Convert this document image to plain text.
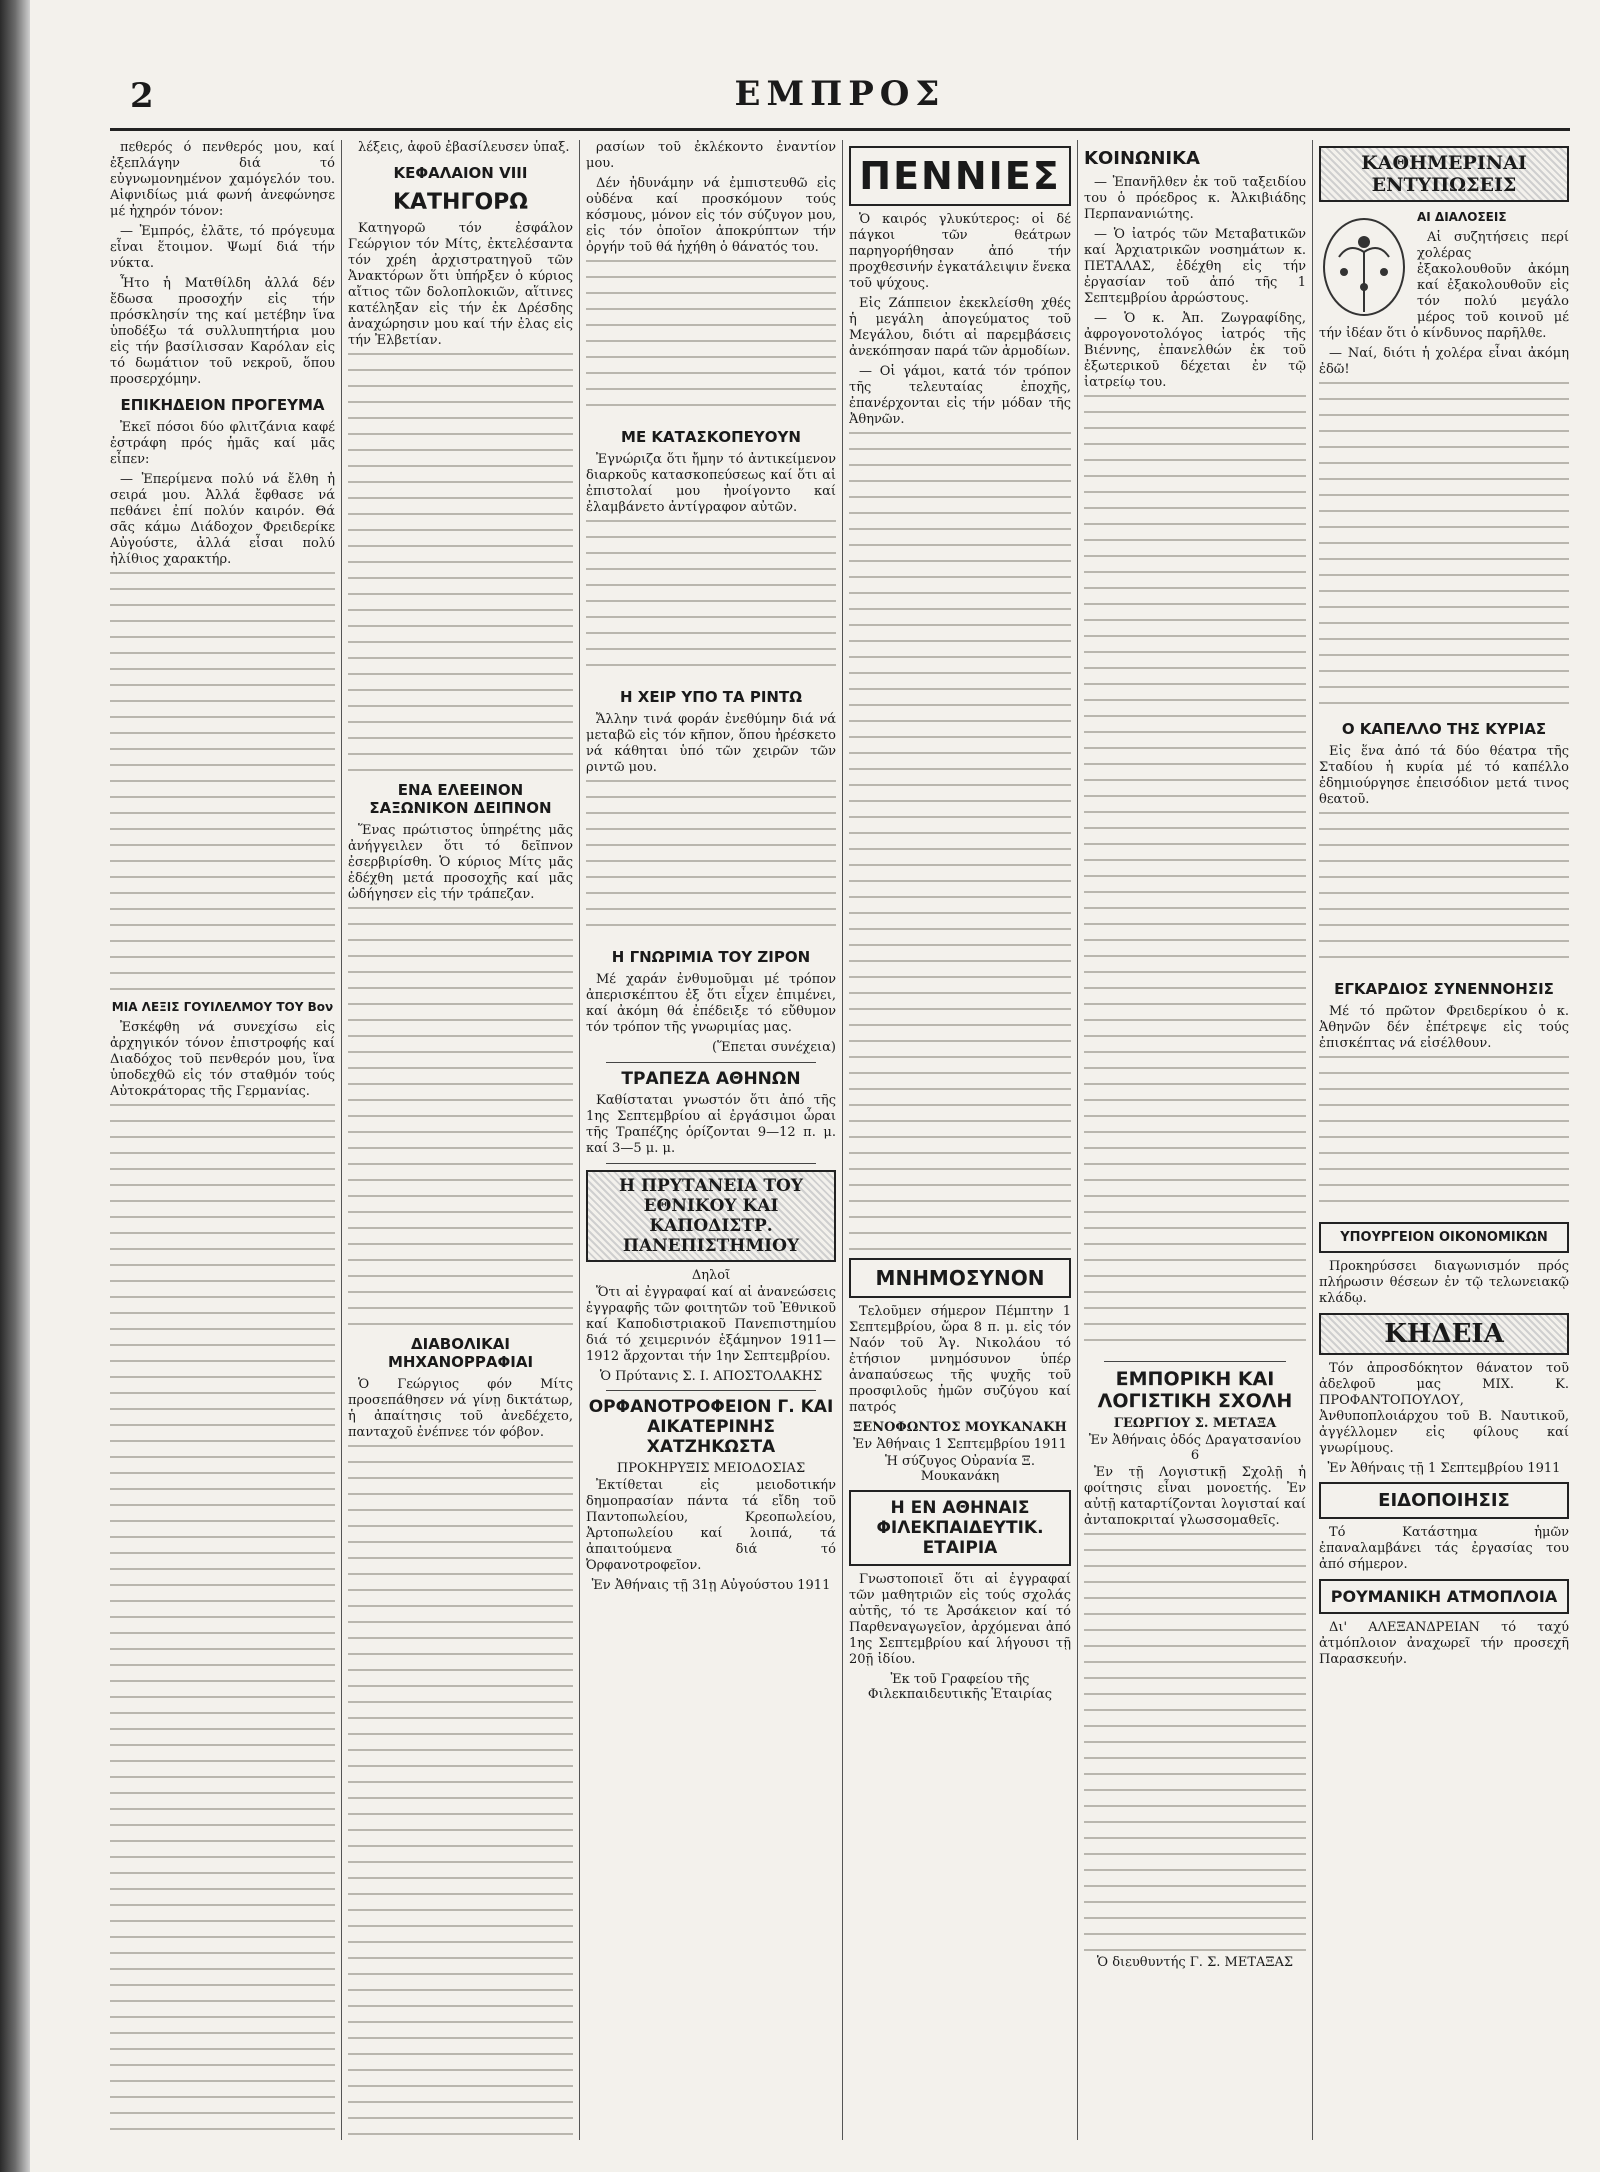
2	ΕΜΠΡΟΣ

πεθερός ό πενθερός μου, καί ἐξεπλάγην διά τό εὐγνωμονημένον χαμόγελόν του. Αἰφνιδίως μιά φωνή ἀνεφώνησε μέ ἠχηρόν τόνον:

— Ἐμπρός, ἐλᾶτε, τό πρόγευμα εἶναι ἕτοιμον. Ψωμί διά τήν νύκτα.

Ἦτο ἡ Ματθίλδη ἀλλά δέν ἔδωσα προσοχήν εἰς τήν πρόσκλησίν της καί μετέβην ἵνα ὑποδέξω τά συλλυπητήρια μου εἰς τήν βασίλισσαν Καρόλαν εἰς τό δωμάτιον τοῦ νεκροῦ, ὅπου προσερχόμην.

ΕΠΙΚΗΔΕΙΟΝ ΠΡΟΓΕΥΜΑ

Ἐκεῖ πόσοι δύο φλιτζάνια καφέ ἐστράφη πρός ἡμᾶς καί μᾶς εἶπεν:

— Ἐπερίμενα πολύ νά ἔλθη ἡ σειρά μου. Ἀλλά ἔφθασε νά πεθάνει ἐπί πολύν καιρόν. Θά σᾶς κάμω Διάδοχον Φρειδερίκε Αὐγούστε, ἀλλά εἶσαι πολύ ἠλίθιος χαρακτήρ.

ΜΙΑ ΛΕΞΙΣ ΓΟΥΙΛΕΛΜΟΥ ΤΟΥ Βον

Ἐσκέφθη νά συνεχίσω εἰς ἀρχηγικόν τόνον ἐπιστροφής καί Διαδόχος τοῦ πενθερόν μου, ἵνα ὑποδεχθῶ εἰς τόν σταθμόν τούς Αὐτοκράτορας τῆς Γερμανίας.

λέξεις, ἀφοῦ ἐβασίλευσεν ὑπαξ.

ΚΕΦΑΛΑΙΟΝ VIII
ΚΑΤΗΓΟΡΩ

Κατηγορῶ τόν ἐσφάλον Γεώργιον τόν Μίτς, ἐκτελέσαντα τόν χρέη ἀρχιστρατηγοῦ τῶν Ἀνακτόρων ὅτι ὑπήρξεν ὁ κύριος αἴτιος τῶν δολοπλοκιῶν, αἵτινες κατέληξαν εἰς τήν ἐκ Δρέσδης ἀναχώρησιν μου καί τήν ἐλας εἰς τήν Ἐλβετίαν.

ΕΝΑ ΕΛΕΕΙΝΟΝ ΣΑΞΩΝΙΚΟΝ ΔΕΙΠΝΟΝ

Ἕνας πρώτιστος ὑπηρέτης μᾶς ἀνήγγειλεν ὅτι τό δεῖπνον ἐσερβιρίσθη. Ὁ κύριος Μίτς μᾶς ἐδέχθη μετά προσοχῆς καί μᾶς ὡδήγησεν εἰς τήν τράπεζαν.

ΔΙΑΒΟΛΙΚΑΙ ΜΗΧΑΝΟΡΡΑΦΙΑΙ

Ὁ Γεώργιος φόν Μίτς προσεπάθησεν νά γίνῃ δικτάτωρ, ἡ ἀπαίτησις τοῦ ἀνεδέχετο, πανταχοῦ ἐνέπνεε τόν φόβον.

ρασίων τοῦ ἐκλέκοντο ἐναντίον μου.

Δέν ἠδυνάμην νά ἐμπιστευθῶ εἰς οὐδένα καί προσκόμουν τούς κόσμους, μόνον εἰς τόν σύζυγον μου, εἰς τόν ὁποῖον ἀποκρύπτων τήν ὀργήν τοῦ θά ἠχήθη ὁ θάνατός του.

ΜΕ ΚΑΤΑΣΚΟΠΕΥΟΥΝ

Ἐγνώριζα ὅτι ἤμην τό ἀντικείμενον διαρκοῦς κατασκοπεύσεως καί ὅτι αἱ ἐπιστολαί μου ἠνοίγοντο καί ἐλαμβάνετο ἀντίγραφον αὐτῶν.

Η ΧΕΙΡ ΥΠΟ ΤΑ ΡΙΝΤΩ

Ἄλλην τινά φοράν ἐνεθύμην διά νά μεταβῶ εἰς τόν κῆπον, ὅπου ἠρέσκετο νά κάθηται ὑπό τῶν χειρῶν τῶν ριντῶ μου.

Η ΓΝΩΡΙΜΙΑ ΤΟΥ ΖΙΡΟΝ

Μέ χαράν ἐνθυμοῦμαι μέ τρόπον ἀπερισκέπτου ἐξ ὅτι εἶχεν ἐπιμένει, καί ἀκόμη θά ἐπέδειξε τό εὔθυμον τόν τρόπον τῆς γνωριμίας μας.

(Ἕπεται συνέχεια)

ΤΡΑΠΕΖΑ ΑΘΗΝΩΝ

Καθίσταται γνωστόν ὅτι ἀπό τῆς 1ης Σεπτεμβρίου αἱ ἐργάσιμοι ὧραι τῆς Τραπέζης ὁρίζονται 9—12 π. μ. καί 3—5 μ. μ.

Η ΠΡΥΤΑΝΕΙΑ ΤΟΥ ΕΘΝΙΚΟΥ ΚΑΙ ΚΑΠΟΔΙΣΤΡ. ΠΑΝΕΠΙΣΤΗΜΙΟΥ
Δηλοῖ

Ὅτι αἱ ἐγγραφαί καί αἱ ἀνανεώσεις ἐγγραφῆς τῶν φοιτητῶν τοῦ Ἐθνικοῦ καί Καποδιστριακοῦ Πανεπιστημίου διά τό χειμερινόν ἑξάμηνον 1911—1912 ἄρχονται τήν 1ην Σεπτεμβρίου.

Ὁ Πρύτανις Σ. Ι. ΑΠΟΣΤΟΛΑΚΗΣ
ΟΡΦΑΝΟΤΡΟΦΕΙΟΝ Γ. ΚΑΙ ΑΙΚΑΤΕΡΙΝΗΣ ΧΑΤΖΗΚΩΣΤΑ
ΠΡΟΚΗΡΥΞΙΣ ΜΕΙΟΔΟΣΙΑΣ

Ἐκτίθεται εἰς μειοδοτικήν δημοπρασίαν πάντα τά εἴδη τοῦ Παντοπωλείου, Κρεοπωλείου, Ἀρτοπωλείου καί λοιπά, τά ἀπαιτούμενα διά τό Ὀρφανοτροφεῖον.

Ἐν Ἀθήναις τῇ 31ῃ Αὐγούστου 1911
ΠΕΝΝΙΕΣ

Ὁ καιρός γλυκύτερος: οἱ δέ πάγκοι τῶν θεάτρων παρηγορήθησαν ἀπό τήν προχθεσινήν ἐγκατάλειψιν ἕνεκα τοῦ ψύχους.

Εἰς Ζάππειον ἐκεκλείσθη χθές ἡ μεγάλη ἀπογεύματος τοῦ Μεγάλου, διότι αἱ παρεμβάσεις ἀνεκόπησαν παρά τῶν ἀρμοδίων.

— Οἱ γάμοι, κατά τόν τρόπον τῆς τελευταίας ἐποχῆς, ἐπανέρχονται εἰς τήν μόδαν τῆς Ἀθηνῶν.

ΜΝΗΜΟΣΥΝΟΝ

Τελοῦμεν σήμερον Πέμπτην 1 Σεπτεμβρίου, ὥρα 8 π. μ. εἰς τόν Ναόν τοῦ Ἁγ. Νικολάου τό ἐτήσιον μνημόσυνον ὑπέρ ἀναπαύσεως τῆς ψυχῆς τοῦ προσφιλοῦς ἡμῶν συζύγου καί πατρός

ΞΕΝΟΦΩΝΤΟΣ ΜΟΥΚΑΝΑΚΗ
Ἐν Ἀθήναις 1 Σεπτεμβρίου 1911
Ἡ σύζυγος Οὐρανία Ξ. Μουκανάκη
Η ΕΝ ΑΘΗΝΑΙΣ ΦΙΛΕΚΠΑΙΔΕΥΤΙΚ. ΕΤΑΙΡΙΑ

Γνωστοποιεῖ ὅτι αἱ ἐγγραφαί τῶν μαθητριῶν εἰς τούς σχολάς αὐτῆς, τό τε Ἀρσάκειον καί τό Παρθεναγωγεῖον, ἀρχόμεναι ἀπό 1ης Σεπτεμβρίου καί λήγουσι τῇ 20ῇ ἰδίου.

Ἐκ τοῦ Γραφείου τῆς Φιλεκπαιδευτικῆς Ἑταιρίας
ΚΟΙΝΩΝΙΚΑ

— Ἐπανῆλθεν ἐκ τοῦ ταξειδίου του ὁ πρόεδρος κ. Ἀλκιβιάδης Περπανανιώτης.

— Ὁ ἰατρός τῶν Μεταβατικῶν καί Ἀρχιατρικῶν νοσημάτων κ. ΠΕΤΑΛΑΣ, ἐδέχθη εἰς τήν ἐργασίαν τοῦ ἀπό τῆς 1 Σεπτεμβρίου ἀρρώστους.

— Ὁ κ. Ἀπ. Ζωγραφίδης, ἀφρογονοτολόγος ἰατρός τῆς Βιέννης, ἐπανελθών ἐκ τοῦ ἐξωτερικοῦ δέχεται ἐν τῷ ἰατρείῳ του.

ΕΜΠΟΡΙΚΗ ΚΑΙ ΛΟΓΙΣΤΙΚΗ ΣΧΟΛΗ
ΓΕΩΡΓΙΟΥ Σ. ΜΕΤΑΞΑ
Ἐν Ἀθήναις ὁδός Δραγατσανίου 6

Ἐν τῇ Λογιστικῇ Σχολῇ ἡ φοίτησις εἶναι μονοετής. Ἐν αὐτῇ καταρτίζονται λογισταί καί ἀνταποκριταί γλωσσομαθεῖς.

Ὁ διευθυντής Γ. Σ. ΜΕΤΑΞΑΣ
ΚΑΘΗΜΕΡΙΝΑΙ ΕΝΤΥΠΩΣΕΙΣ
ΑΙ ΔΙΑΛΟΣΕΙΣ

Αἱ συζητήσεις περί χολέρας ἐξακολουθοῦν ἀκόμη καί ἐξακολουθοῦν εἰς τόν πολύ μεγάλο μέρος τοῦ κοινοῦ μέ τήν ἰδέαν ὅτι ὁ κίνδυνος παρῆλθε.

— Ναί, διότι ἡ χολέρα εἶναι ἀκόμη ἐδῶ!

Ο ΚΑΠΕΛΛΟ ΤΗΣ ΚΥΡΙΑΣ

Εἰς ἕνα ἀπό τά δύο θέατρα τῆς Σταδίου ἡ κυρία μέ τό καπέλλο ἐδημιούργησε ἐπεισόδιον μετά τινος θεατοῦ.

ΕΓΚΑΡΔΙΟΣ ΣΥΝΕΝΝΟΗΣΙΣ

Μέ τό πρῶτον Φρειδερίκου ὁ κ. Ἀθηνῶν δέν ἐπέτρεψε εἰς τούς ἐπισκέπτας νά εἰσέλθουν.

ΥΠΟΥΡΓΕΙΟΝ ΟΙΚΟΝΟΜΙΚΩΝ

Προκηρύσσει διαγωνισμόν πρός πλήρωσιν θέσεων ἐν τῷ τελωνειακῷ κλάδῳ.

ΚΗΔΕΙΑ

Τόν ἀπροσδόκητον θάνατον τοῦ ἀδελφοῦ μας ΜΙΧ. Κ. ΠΡΟΦΑΝΤΟΠΟΥΛΟΥ, Ἀνθυποπλοιάρχου τοῦ Β. Ναυτικοῦ, ἀγγέλλομεν εἰς φίλους καί γνωρίμους.

Ἐν Ἀθήναις τῇ 1 Σεπτεμβρίου 1911
ΕΙΔΟΠΟΙΗΣΙΣ

Τό Κατάστημα ἡμῶν ἐπαναλαμβάνει τάς ἐργασίας του ἀπό σήμερον.

ΡΟΥΜΑΝΙΚΗ ΑΤΜΟΠΛΟΙΑ

Δι' ΑΛΕΞΑΝΔΡΕΙΑΝ τό ταχύ ἀτμόπλοιον ἀναχωρεῖ τήν προσεχῆ Παρασκευήν.
